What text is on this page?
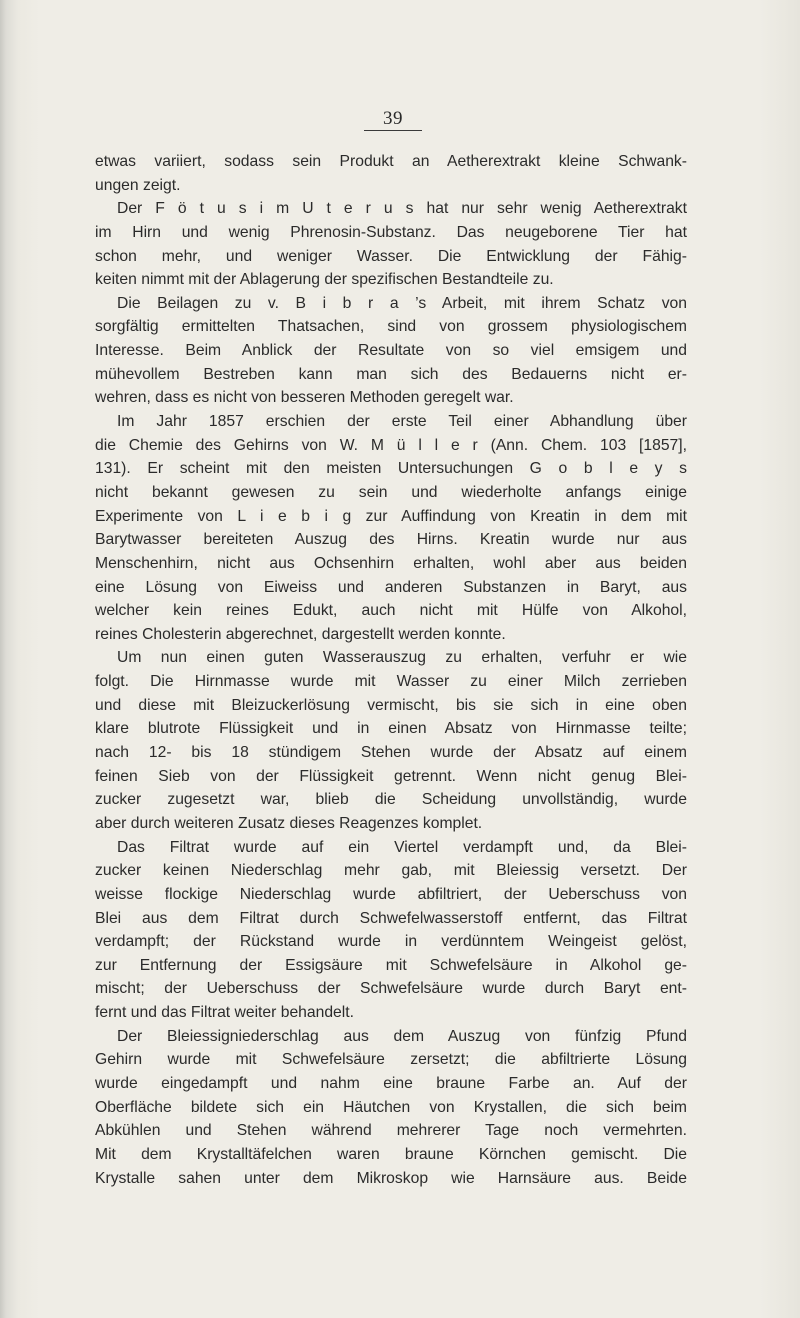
39
etwas variiert, sodass sein Produkt an Aetherextrakt kleine Schwank-
ungen zeigt.
Der F ö t u s i m U t e r u s hat nur sehr wenig Aetherextrakt
im Hirn und wenig Phrenosin-Substanz. Das neugeborene Tier hat
schon mehr, und weniger Wasser. Die Entwicklung der Fähig-
keiten nimmt mit der Ablagerung der spezifischen Bestandteile zu.
Die Beilagen zu v. B i b r a ’s Arbeit, mit ihrem Schatz von
sorgfältig ermittelten Thatsachen, sind von grossem physiologischem
Interesse. Beim Anblick der Resultate von so viel emsigem und
mühevollem Bestreben kann man sich des Bedauerns nicht er-
wehren, dass es nicht von besseren Methoden geregelt war.
Im Jahr 1857 erschien der erste Teil einer Abhandlung über
die Chemie des Gehirns von W. M ü l l e r (Ann. Chem. 103 [1857],
131). Er scheint mit den meisten Untersuchungen G o b l e y s
nicht bekannt gewesen zu sein und wiederholte anfangs einige
Experimente von L i e b i g zur Auffindung von Kreatin in dem mit
Barytwasser bereiteten Auszug des Hirns. Kreatin wurde nur aus
Menschenhirn, nicht aus Ochsenhirn erhalten, wohl aber aus beiden
eine Lösung von Eiweiss und anderen Substanzen in Baryt, aus
welcher kein reines Edukt, auch nicht mit Hülfe von Alkohol,
reines Cholesterin abgerechnet, dargestellt werden konnte.
Um nun einen guten Wasserauszug zu erhalten, verfuhr er wie
folgt. Die Hirnmasse wurde mit Wasser zu einer Milch zerrieben
und diese mit Bleizuckerlösung vermischt, bis sie sich in eine oben
klare blutrote Flüssigkeit und in einen Absatz von Hirnmasse teilte;
nach 12- bis 18 stündigem Stehen wurde der Absatz auf einem
feinen Sieb von der Flüssigkeit getrennt. Wenn nicht genug Blei-
zucker zugesetzt war, blieb die Scheidung unvollständig, wurde
aber durch weiteren Zusatz dieses Reagenzes komplet.
Das Filtrat wurde auf ein Viertel verdampft und, da Blei-
zucker keinen Niederschlag mehr gab, mit Bleiessig versetzt. Der
weisse flockige Niederschlag wurde abfiltriert, der Ueberschuss von
Blei aus dem Filtrat durch Schwefelwasserstoff entfernt, das Filtrat
verdampft; der Rückstand wurde in verdünntem Weingeist gelöst,
zur Entfernung der Essigsäure mit Schwefelsäure in Alkohol ge-
mischt; der Ueberschuss der Schwefelsäure wurde durch Baryt ent-
fernt und das Filtrat weiter behandelt.
Der Bleiessigniederschlag aus dem Auszug von fünfzig Pfund
Gehirn wurde mit Schwefelsäure zersetzt; die abfiltrierte Lösung
wurde eingedampft und nahm eine braune Farbe an. Auf der
Oberfläche bildete sich ein Häutchen von Krystallen, die sich beim
Abkühlen und Stehen während mehrerer Tage noch vermehrten.
Mit dem Krystalltäfelchen waren braune Körnchen gemischt. Die
Krystalle sahen unter dem Mikroskop wie Harnsäure aus. Beide
